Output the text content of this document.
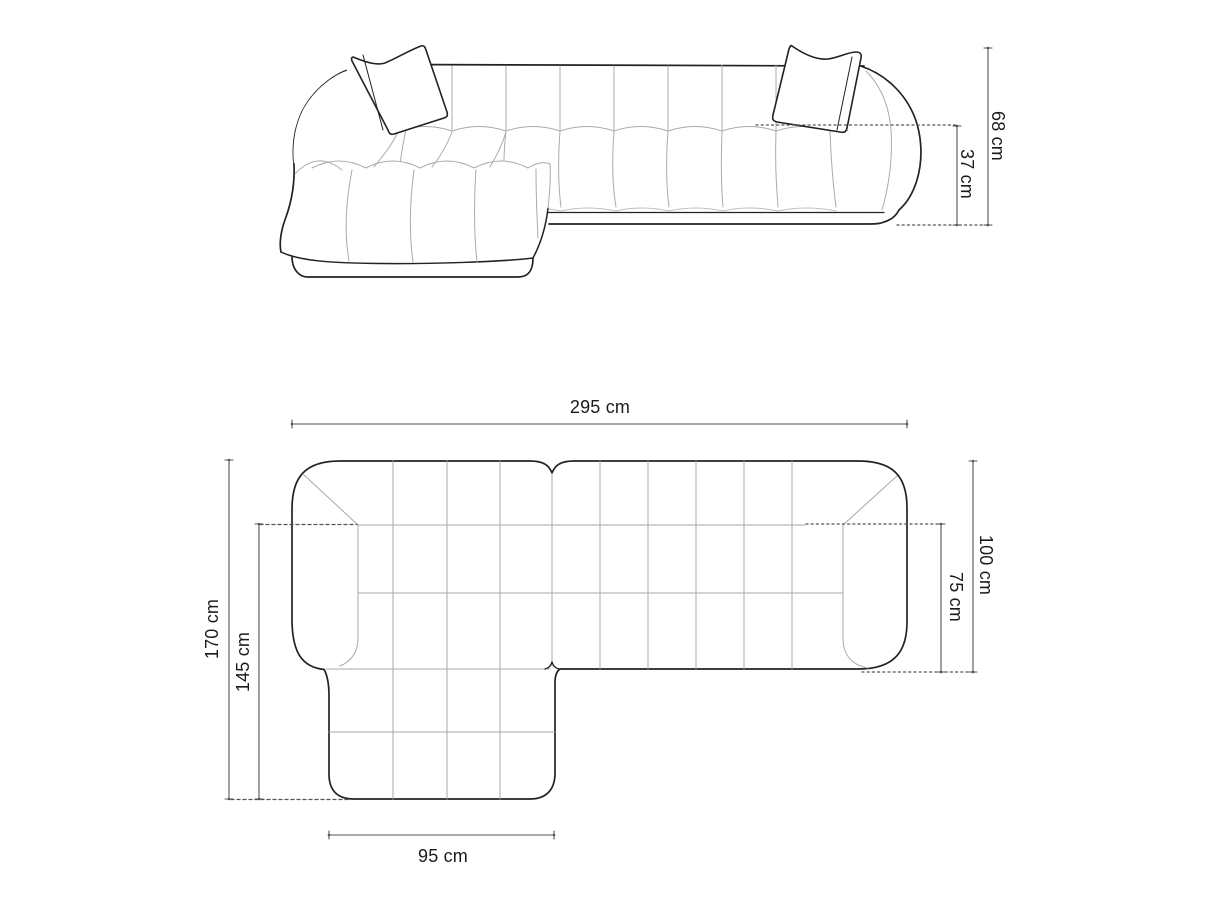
68 cm
37 cm
295 cm
170 cm
145 cm
100 cm
75 cm
95 cm
